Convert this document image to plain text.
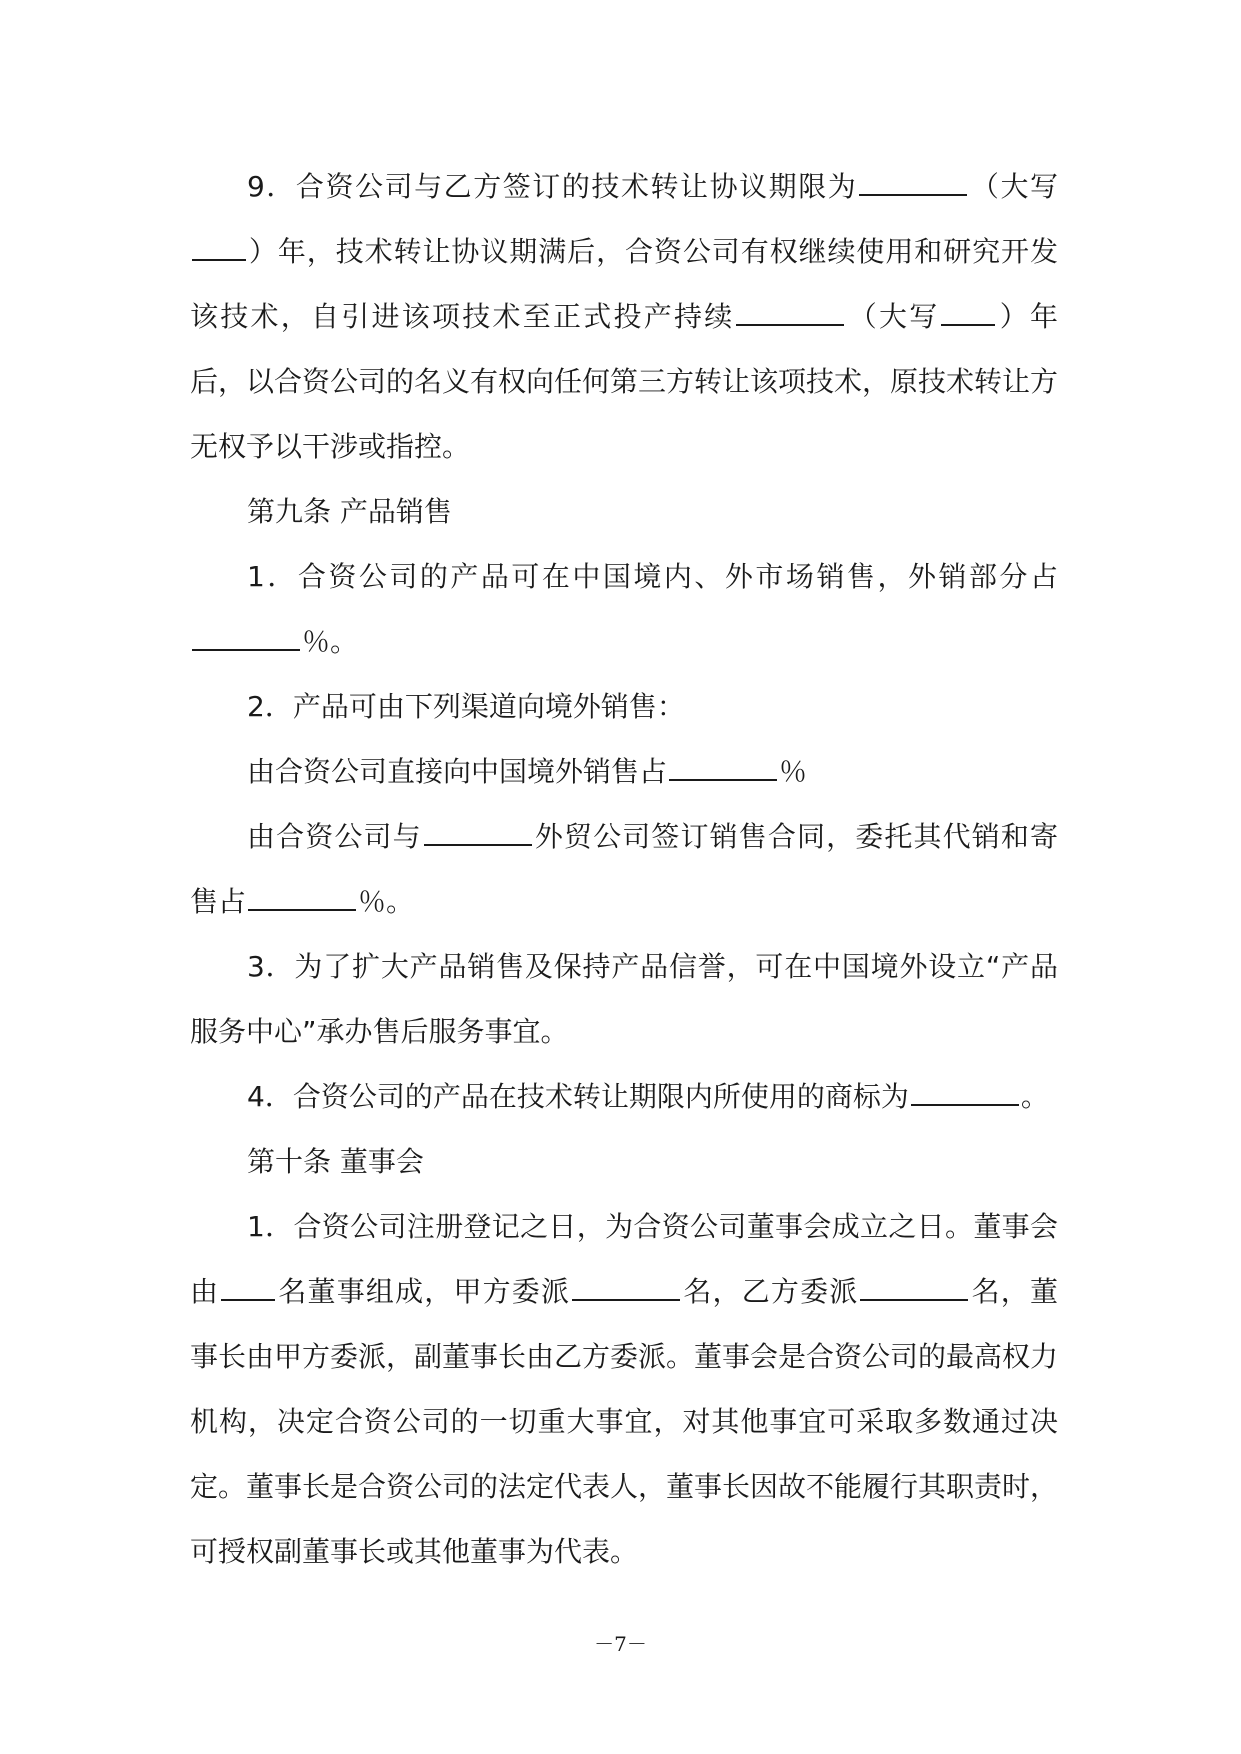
9．合资公司与乙方签订的技术转让协议期限为	（大写）年，技术转让协议期满后，合资公司有权继续使用和研究开发该技术，自引进该项技术至正式投产持续	（大写 ）年后，以合资公司的名义有权向任何第三方转让该项技术，原技术转让方无权予以干涉或指控。

第九条 产品销售

1．合资公司的产品可在中国境内、外市场销售，外销部分占％。

2．产品可由下列渠道向境外销售：

由合资公司直接向中国境外销售占	％

由合资公司与	外贸公司签订销售合同，委托其代销和寄售占	％。

3．为了扩大产品销售及保持产品信誉，可在中国境外设立“产品服务中心”承办售后服务事宜。

4．合资公司的产品在技术转让期限内所使用的商标为	。

第十条 董事会

1．合资公司注册登记之日，为合资公司董事会成立之日。董事会由 名董事组成，甲方委派	名，乙方委派	名，董事长由甲方委派，副董事长由乙方委派。董事会是合资公司的最高权力机构，决定合资公司的一切重大事宜，对其他事宜可采取多数通过决定。董事长是合资公司的法定代表人，董事长因故不能履行其职责时，可授权副董事长或其他董事为代表。

－7－
